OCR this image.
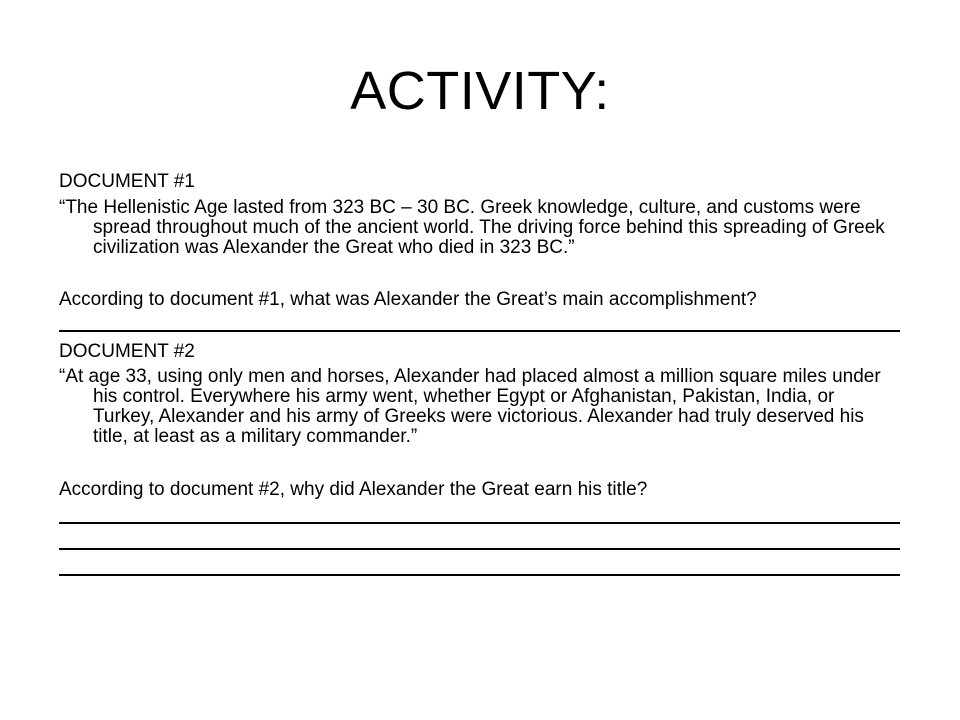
ACTIVITY:
DOCUMENT #1
“The Hellenistic Age lasted from 323 BC – 30 BC. Greek knowledge, culture, and customs were spread throughout much of the ancient world. The driving force behind this spreading of Greek civilization was Alexander the Great who died in 323 BC.”
According to document #1, what was Alexander the Great’s main accomplishment?
DOCUMENT #2
“At age 33, using only men and horses, Alexander had placed almost a million square miles under his control. Everywhere his army went, whether Egypt or Afghanistan, Pakistan, India, or Turkey, Alexander and his army of Greeks were victorious. Alexander had truly deserved his title, at least as a military commander.”
According to document #2, why did Alexander the Great earn his title?
